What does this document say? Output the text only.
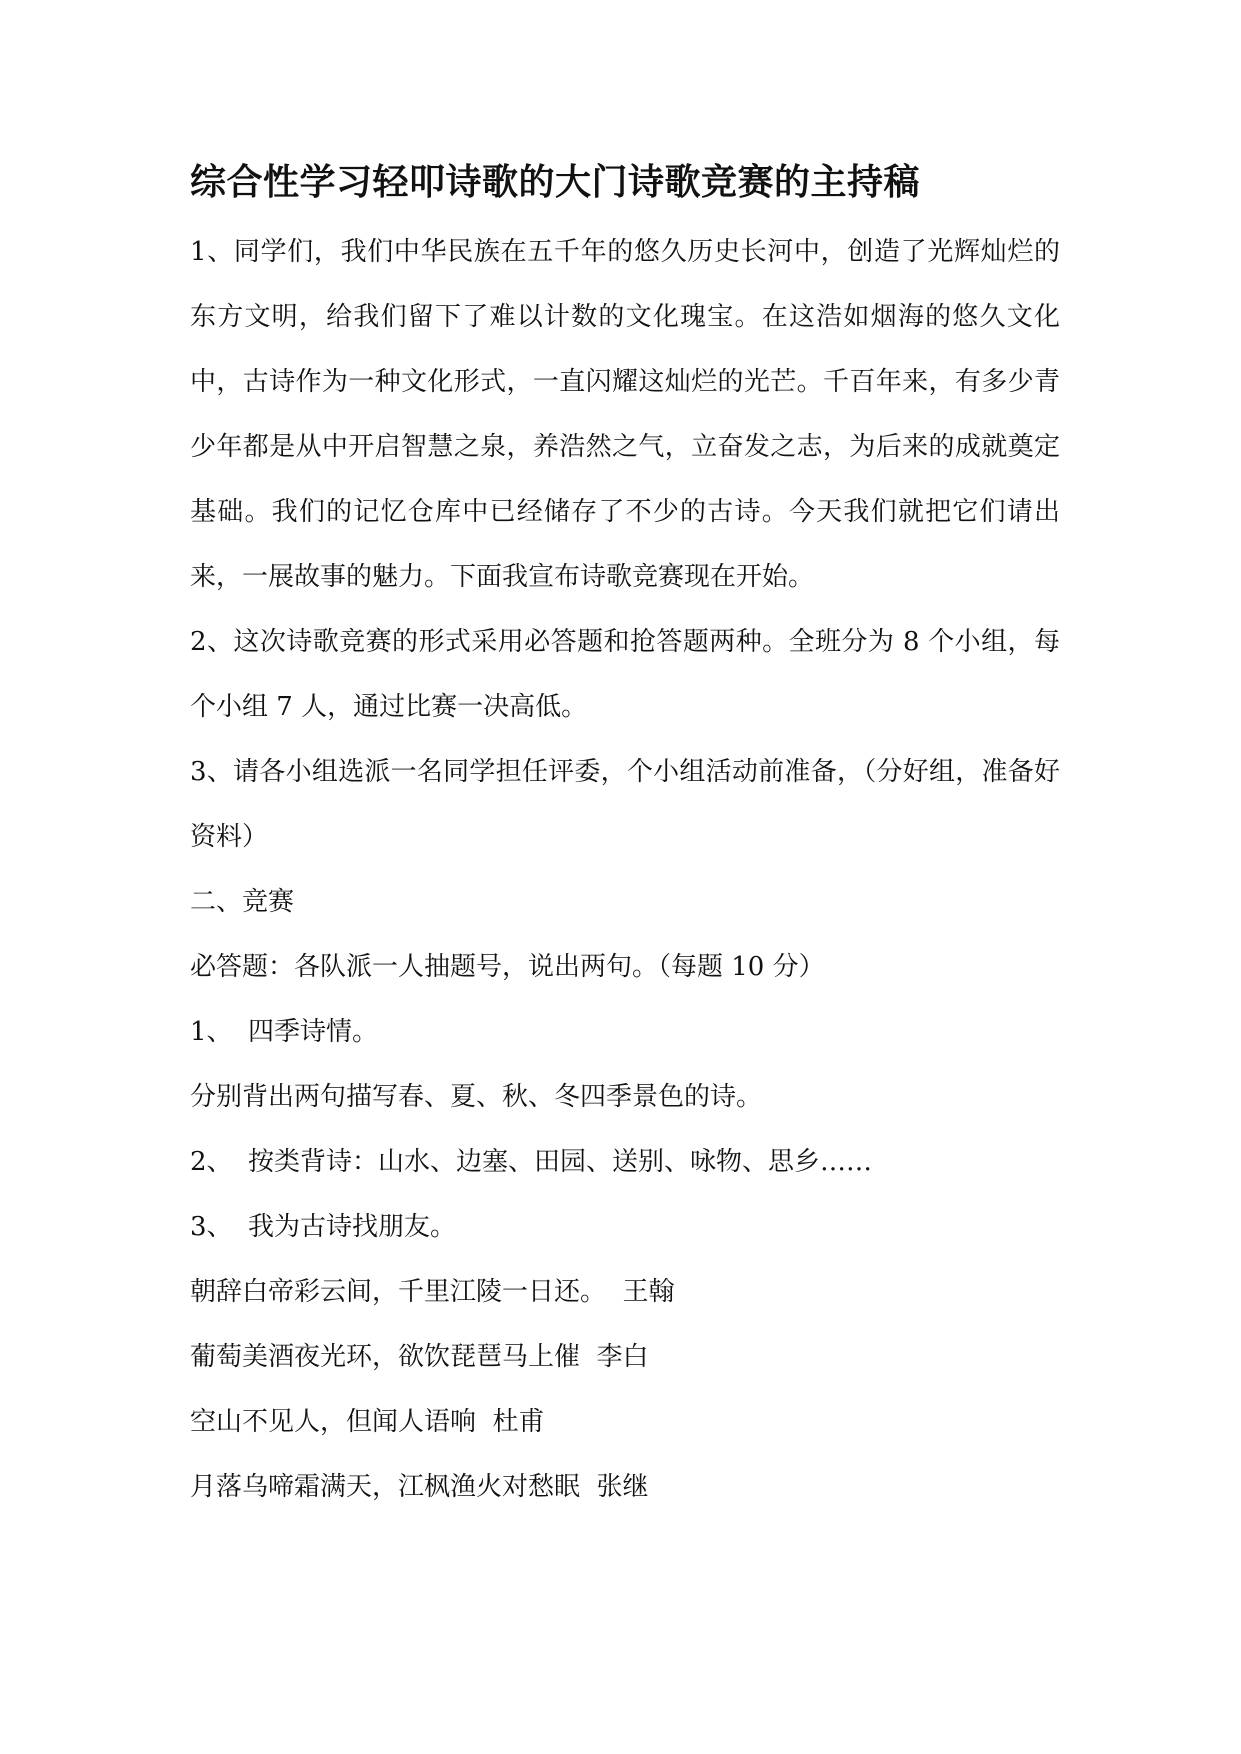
综合性学习轻叩诗歌的大门诗歌竞赛的主持稿

1、同学们，我们中华民族在五千年的悠久历史长河中，创造了光辉灿烂的东方文明，给我们留下了难以计数的文化瑰宝。在这浩如烟海的悠久文化中，古诗作为一种文化形式，一直闪耀这灿烂的光芒。千百年来，有多少青少年都是从中开启智慧之泉，养浩然之气，立奋发之志，为后来的成就奠定基础。我们的记忆仓库中已经储存了不少的古诗。今天我们就把它们请出来，一展故事的魅力。下面我宣布诗歌竞赛现在开始。

2、这次诗歌竞赛的形式采用必答题和抢答题两种。全班分为 8 个小组，每个小组 7 人，通过比赛一决高低。

3、请各小组选派一名同学担任评委，个小组活动前准备，（分好组，准备好资料）

二、竞赛

必答题：各队派一人抽题号，说出两句。（每题 10 分）

1、 四季诗情。

分别背出两句描写春、夏、秋、冬四季景色的诗。

2、 按类背诗：山水、边塞、田园、送别、咏物、思乡……

3、 我为古诗找朋友。

朝辞白帝彩云间，千里江陵一日还。  王翰

葡萄美酒夜光环，欲饮琵琶马上催  李白

空山不见人，但闻人语响  杜甫

月落乌啼霜满天，江枫渔火对愁眠  张继
